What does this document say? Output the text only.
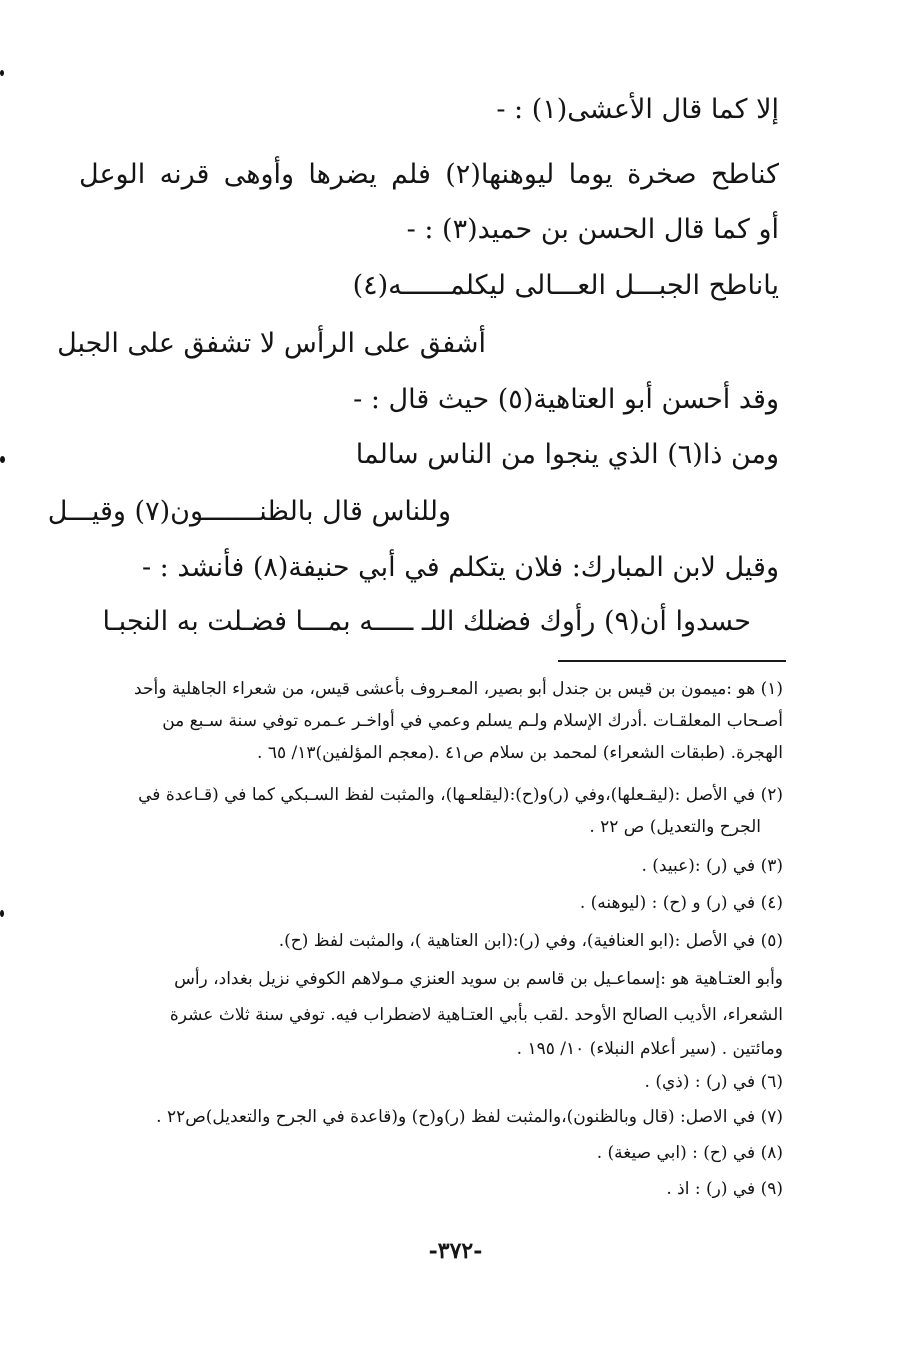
إلا كما قال الأعشى(١) : -

كناطح صخرة يوما ليوهنها(٢) فلم يضرها وأوهى قرنه الوعل

أو كما قال الحسن بن حميد(٣) : -

ياناطح الجبـــل العـــالى ليكلمــــــه(٤)

أشفق على الرأس لا تشفق على الجبل

وقد أحسن أبو العتاهية(٥) حيث قال : -

ومن ذا(٦) الذي ينجوا من الناس سالما

وللناس قال بالظنـــــــون(٧) وقيـــل

وقيل لابن المبارك: فلان يتكلم في أبي حنيفة(٨) فأنشد : -

حسدوا أن(٩) رأوك فضلك اللـ ـــــه بمـــا فضـلت به النجبـا

(١) هو :ميمون بن قيس بن جندل أبو بصير، المعـروف بأعشى قيس، من شعراء الجاهلية وأحد

أصـحاب المعلقـات .أدرك الإسلام ولـم يسلم وعمي في أواخـر عـمره توفي سنة سـبع من

الهجرة. (طبقات الشعراء) لمحمد بن سلام ص٤١ .(معجم المؤلفين)١٣/ ٦٥ .

(٢) في الأصل :(ليقـعلها)،وفي (ر)و(ح):(ليقلعـها)، والمثبت لفظ السـبكي كما في (قـاعدة في

الجرح والتعديل) ص ٢٢ .

(٣) في (ر) :(عبيد) .

(٤) في (ر) و (ح) : (ليوهنه) .

(٥) في الأصل :(ابو العنافية)، وفي (ر):(ابن العتاهية )، والمثبت لفظ (ح).

وأبو العتـاهية هو :إسماعـيل بن قاسم بن سويد العنزي مـولاهم الكوفي نزيل بغداد، رأس

الشعراء، الأديب الصالح الأوحد .لقب بأبي العتـاهية لاضطراب فيه. توفي سنة ثلاث عشرة

ومائتين . (سير أعلام النبلاء) ١٠/ ١٩٥ .

(٦) في (ر) : (ذي) .

(٧) في الاصل: (قال وبالظنون)،والمثبت لفظ (ر)و(ح) و(قاعدة في الجرح والتعديل)ص٢٢ .

(٨) في (ح) : (ابي صيغة) .

(٩) في (ر) : اذ .

-٣٧٢-
